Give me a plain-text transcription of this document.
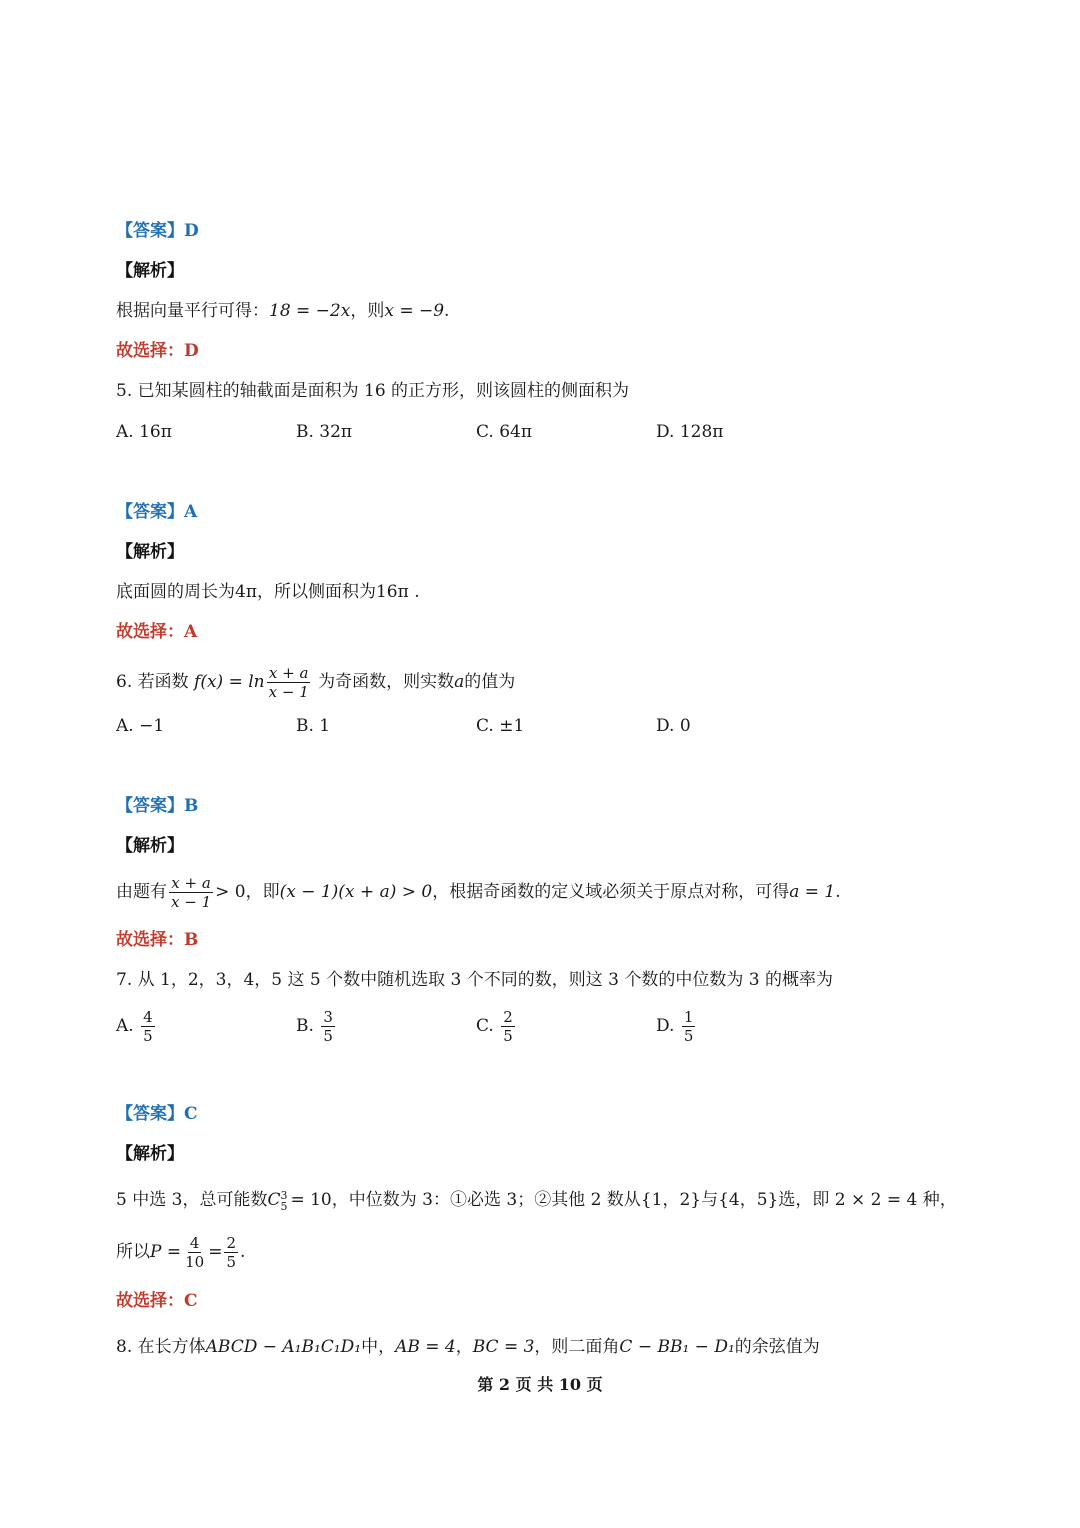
【答案】D
【解析】
根据向量平行可得：18 = −2x，则x = −9.
故选择：D
5. 已知某圆柱的轴截面是面积为 16 的正方形，则该圆柱的侧面积为
A. 16π	B. 32π	C. 64π	D. 128π
【答案】A
【解析】
底面圆的周长为4π，所以侧面积为16π .
故选择：A
6. 若函数 $f(x) = \ln \frac{x + a}{x - 1}$ 为奇函数，则实数a的值为
A. −1	B. 1	C. ±1	D. 0
【答案】B
【解析】
由题有 $\frac{x + a}{x - 1} > 0$，即(x − 1)(x + a) > 0，根据奇函数的定义域必须关于原点对称，可得a = 1.
故选择：B
7. 从 1，2，3，4，5 这 5 个数中随机选取 3 个不同的数，则这 3 个数的中位数为 3 的概率为
A. $\frac{4}{5}$	B. $\frac{3}{5}$	C. $\frac{2}{5}$	D. $\frac{1}{5}$
【答案】C
【解析】
5 中选 3，总可能数C 3
5 = 10，中位数为 3：①必选 3；②其他 2 数从{1，2}与{4，5}选，即 2 × 2 = 4 种，
所以$P = \frac{4}{10} = \frac{2}{5}$ .
故选择：C
8. 在长方体ABCD − A₁B₁C₁D₁中，AB = 4，BC = 3，则二面角C − BB₁ − D₁的余弦值为
第 2 页 共 10 页
